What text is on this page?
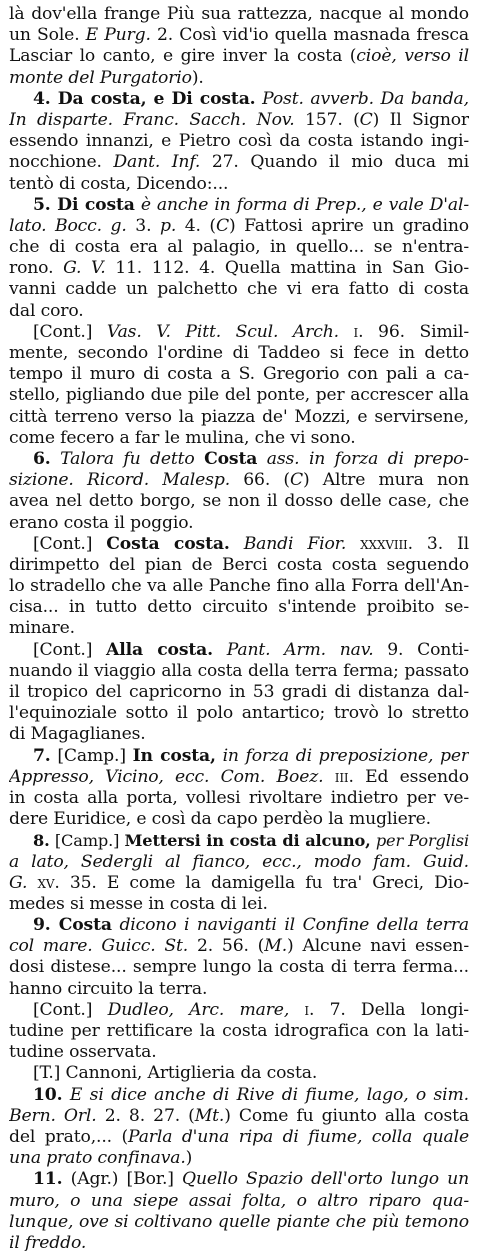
là dov'ella frange Più sua rattezza, nacque al mondo
un Sole. E Purg. 2. Così vid'io quella masnada fresca
Lasciar lo canto, e gire inver la costa (cioè, verso il
monte del Purgatorio).
4. Da costa, e Di costa. Post. avverb. Da banda,
In disparte. Franc. Sacch. Nov. 157. (C) Il Signor
essendo innanzi, e Pietro così da costa istando ingi-
nocchione. Dant. Inf. 27. Quando il mio duca mi
tentò di costa, Dicendo:...
5. Di costa è anche in forma di Prep., e vale D'al-
lato. Bocc. g. 3. p. 4. (C) Fattosi aprire un gradino
che di costa era al palagio, in quello... se n'entra-
rono. G. V. 11. 112. 4. Quella mattina in San Gio-
vanni cadde un palchetto che vi era fatto di costa
dal coro.
[Cont.] Vas. V. Pitt. Scul. Arch. i. 96. Simil-
mente, secondo l'ordine di Taddeo si fece in detto
tempo il muro di costa a S. Gregorio con pali a ca-
stello, pigliando due pile del ponte, per accrescer alla
città terreno verso la piazza de' Mozzi, e servirsene,
come fecero a far le mulina, che vi sono.
6. Talora fu detto Costa ass. in forza di prepo-
sizione. Ricord. Malesp. 66. (C) Altre mura non
avea nel detto borgo, se non il dosso delle case, che
erano costa il poggio.
[Cont.] Costa costa. Bandi Fior. xxxviii. 3. Il
dirimpetto del pian de Berci costa costa seguendo
lo stradello che va alle Panche fino alla Forra dell'An-
cisa... in tutto detto circuito s'intende proibito se-
minare.
[Cont.] Alla costa. Pant. Arm. nav. 9. Conti-
nuando il viaggio alla costa della terra ferma; passato
il tropico del capricorno in 53 gradi di distanza dal-
l'equinoziale sotto il polo antartico; trovò lo stretto
di Magaglianes.
7. [Camp.] In costa, in forza di preposizione, per
Appresso, Vicino, ecc. Com. Boez. iii. Ed essendo
in costa alla porta, vollesi rivoltare indietro per ve-
dere Euridice, e così da capo perdèo la mugliere.
8. [Camp.] Mettersi in costa di alcuno, per Porglisi
a lato, Sedergli al fianco, ecc., modo fam. Guid.
G. xv. 35. E come la damigella fu tra' Greci, Dio-
medes si messe in costa di lei.
9. Costa dicono i naviganti il Confine della terra
col mare. Guicc. St. 2. 56. (M.) Alcune navi essen-
dosi distese... sempre lungo la costa di terra ferma...
hanno circuito la terra.
[Cont.] Dudleo, Arc. mare, i. 7. Della longi-
tudine per rettificare la costa idrografica con la lati-
tudine osservata.
[T.] Cannoni, Artiglieria da costa.
10. E si dice anche di Rive di fiume, lago, o sim.
Bern. Orl. 2. 8. 27. (Mt.) Come fu giunto alla costa
del prato,... (Parla d'una ripa di fiume, colla quale
una prato confinava.)
11. (Agr.) [Bor.] Quello Spazio dell'orto lungo un
muro, o una siepe assai folta, o altro riparo qua-
lunque, ove si coltivano quelle piante che più temono
il freddo.
